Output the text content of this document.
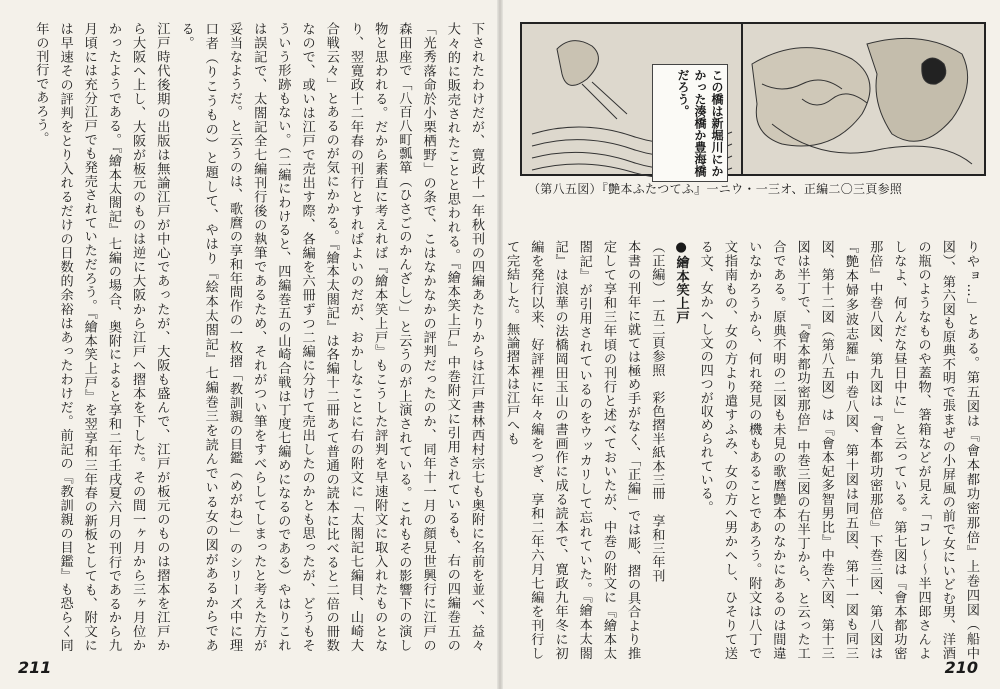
下されたわけだが、寛政十一年秋刊の四編あたりからは江戸書林西村宗七も奥附に名前を並べ、益々大々的に販売されたことと思われる。『繪本笑上戸』中巻附文に引用されているも、右の四編巻五の「光秀落命於小栗栖野」の条で、こはなかなかの評判だったのか、同年十一月の顔見世興行に江戸の森田座で「八百八町瓢箪（ひさごのかんざし）」と云うのが上演されている。これもその影響下の演し物と思われる。だから素直に考えれば『繪本笑上戸』もこうした評判を早速附文に取入れたものとなり、翌寛政十二年春の刊行とすればよいのだが、おかしなことに右の附文に「太閤記七編目、山崎大合戦云々」とあるのが気にかかる。『繪本太閤記』は各編十二冊あて普通の読本に比べると二倍の冊数なので、或いは江戸で売出す際、各編を六冊ずつ二編に分けて売出したのかとも思ったが、どうもそういう形跡もない。（二編にわけると、四編巻五の山崎合戦は丁度七編めになるのである）やはりこれは誤記で、太閤記全七編刊行後の執筆であるため、それがつい筆をすべらしてしまったと考えた方が妥当なようだ。と云うのは、歌麿の享和年間作の一枚摺「教訓親の目鑑（めがね）」のシリーズ中に理口者（りこうもの）と題して、やはり『絵本太閤記』七編巻三を読んでいる女の図があるからである。

江戸時代後期の出版は無論江戸が中心であったが、大阪も盛んで、江戸が板元のものは摺本を江戸から大阪へ上し、大阪が板元のものは逆に大阪から江戸へ摺本を下した。その間一ヶ月から三ヶ月位かかったようである。『繪本太閤記』七編の場合、奥附によると享和二年壬戌夏六月の刊行であるから九月頃には充分江戸でも発売されていただろう。『繪本笑上戸』を翌享和三年春の新板としても、附文には早速その評判をとり入れるだけの日数的余裕はあったわけだ。前記の『教訓親の目鑑』も恐らく同年の刊行であろう。

211
この橋は新堀川にかかった湊橋か豊海橋だろう。
（第八五図）『艶本ふたつてふ』一ニウ・一三オ、正編二〇三頁参照

りやョ…」とある。第五図は『會本都功密那倍』上巻四図（船中図）、第六図も原典不明で張まぜの小屏風の前で女にいどむ男、洋酒の瓶のようなものや蓋物、箸箱などが見え「コレ〜〜半四郎さんよしなよ、何んだな昼日中に」と云っている。第七図は『會本都功密那倍』中巻八図、第九図は『會本都功密那倍』下巻三図、第八図は『艶本婦多波志羅』中巻八図、第十図は同五図、第十一図も同三図、第十二図（第八五図）は『會本妃多智男比』中巻六図、第十三図は半丁で、『會本都功密那倍』中巻三図の右半丁から、と云った工合である。原典不明の二図も未見の歌麿艶本のなかにあるのは間違いなかろうから、何れ発見の機もあることであろう。附文は八丁で文指南もの、女の方より遣すふみ、女の方へ男かへし、ひそりて送る文、女かへし文の四つが収められている。

●繪本笑上戸

（正編）一五二頁参照　彩色摺半紙本三冊　享和三年刊

本書の刊年に就ては極め手がなく、「正編」では彫、摺の具合より推定して享和三年頃の刊行と述べておいたが、中巻の附文に『繪本太閤記』が引用されているのをウッカリして忘れていた。『繪本太閤記』は浪華の法橋岡田玉山の書画作に成る読本で、寛政九年冬に初編を発行以来、好評裡に年々編をつぎ、享和二年六月七編を刊行して完結した。無論摺本は江戸へも

210
